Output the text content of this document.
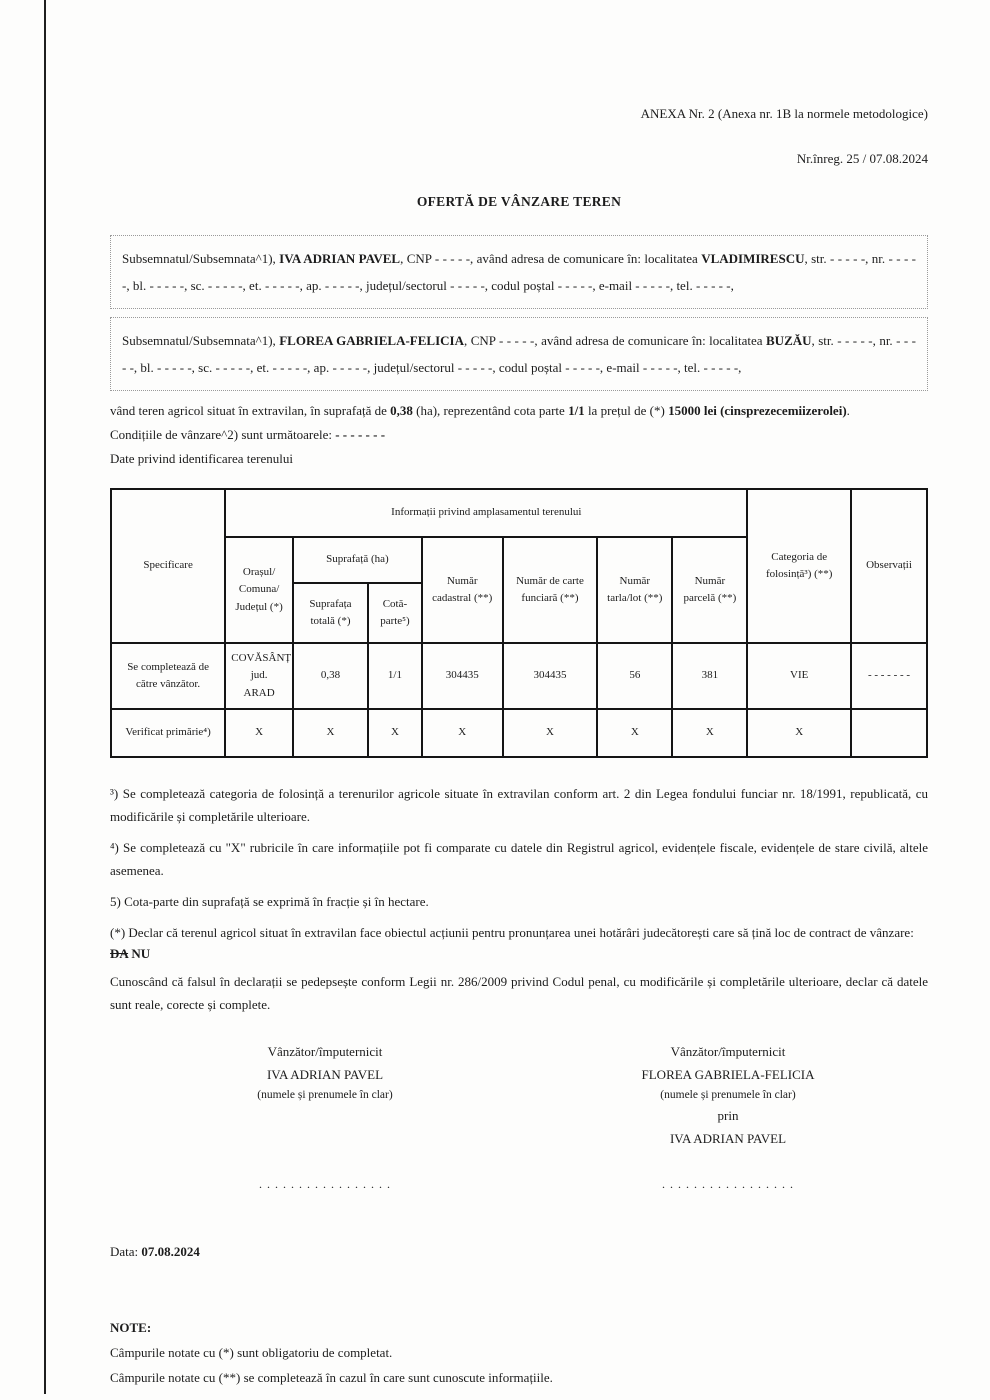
ANEXA Nr. 2 (Anexa nr. 1B la normele metodologice)
Nr.înreg. 25 / 07.08.2024
OFERTĂ DE VÂNZARE TEREN
Subsemnatul/Subsemnata^1), IVA ADRIAN PAVEL, CNP - - - - -, având adresa de comunicare în: localitatea VLADIMIRESCU, str. - - - - -, nr. - - - - -, bl. - - - - -, sc. - - - - -, et. - - - - -, ap. - - - - -, județul/sectorul - - - - -, codul poștal - - - - -, e-mail - - - - -, tel. - - - - -,
Subsemnatul/Subsemnata^1), FLOREA GABRIELA-FELICIA, CNP - - - - -, având adresa de comunicare în: localitatea BUZĂU, str. - - - - -, nr. - - - - -, bl. - - - - -, sc. - - - - -, et. - - - - -, ap. - - - - -, județul/sectorul - - - - -, codul poștal - - - - -, e-mail - - - - -, tel. - - - - -,
vând teren agricol situat în extravilan, în suprafață de 0,38 (ha), reprezentând cota parte 1/1 la prețul de (*) 15000 lei (cinsprezecemiizerolei).
Condițiile de vânzare^2) sunt următoarele: - - - - - - -
Date privind identificarea terenului
Specificare	Informații privind amplasamentul terenului							Categoria de folosință³) (**)	Observații
	Orașul/ Comuna/ Județul (*)	Suprafață (ha)		Număr cadastral (**)	Număr de carte funciară (**)	Număr tarla/lot (**)	Număr parcelă (**)		
		Suprafața totală (*)	Cotă-parte⁵)						
Se completează de către vânzător.	COVĂSÂNȚ
jud.
ARAD	0,38	1/1	304435	304435	56	381	VIE	- - - - - - -
Verificat primărie⁴)	X	X	X	X	X	X	X	X	
³) Se completează categoria de folosință a terenurilor agricole situate în extravilan conform art. 2 din Legea fondului funciar nr. 18/1991, republicată, cu modificările și completările ulterioare.
⁴) Se completează cu "X" rubricile în care informațiile pot fi comparate cu datele din Registrul agricol, evidențele fiscale, evidențele de stare civilă, altele asemenea.
5) Cota-parte din suprafață se exprimă în fracție și în hectare.
(*) Declar că terenul agricol situat în extravilan face obiectul acțiunii pentru pronunțarea unei hotărâri judecătorești care să țină loc de contract de vânzare:
DA NU
Cunoscând că falsul în declarații se pedepsește conform Legii nr. 286/2009 privind Codul penal, cu modificările și completările ulterioare, declar că datele sunt reale, corecte și complete.
Vânzător/împuternicit
IVA ADRIAN PAVEL
(numele și prenumele în clar)
. . . . . . . . . . . . . . . . .
Vânzător/împuternicit
FLOREA GABRIELA-FELICIA
(numele și prenumele în clar)
prin
IVA ADRIAN PAVEL
. . . . . . . . . . . . . . . . .
Data: 07.08.2024
NOTE:
Câmpurile notate cu (*) sunt obligatoriu de completat.
Câmpurile notate cu (**) se completează în cazul în care sunt cunoscute informațiile.
